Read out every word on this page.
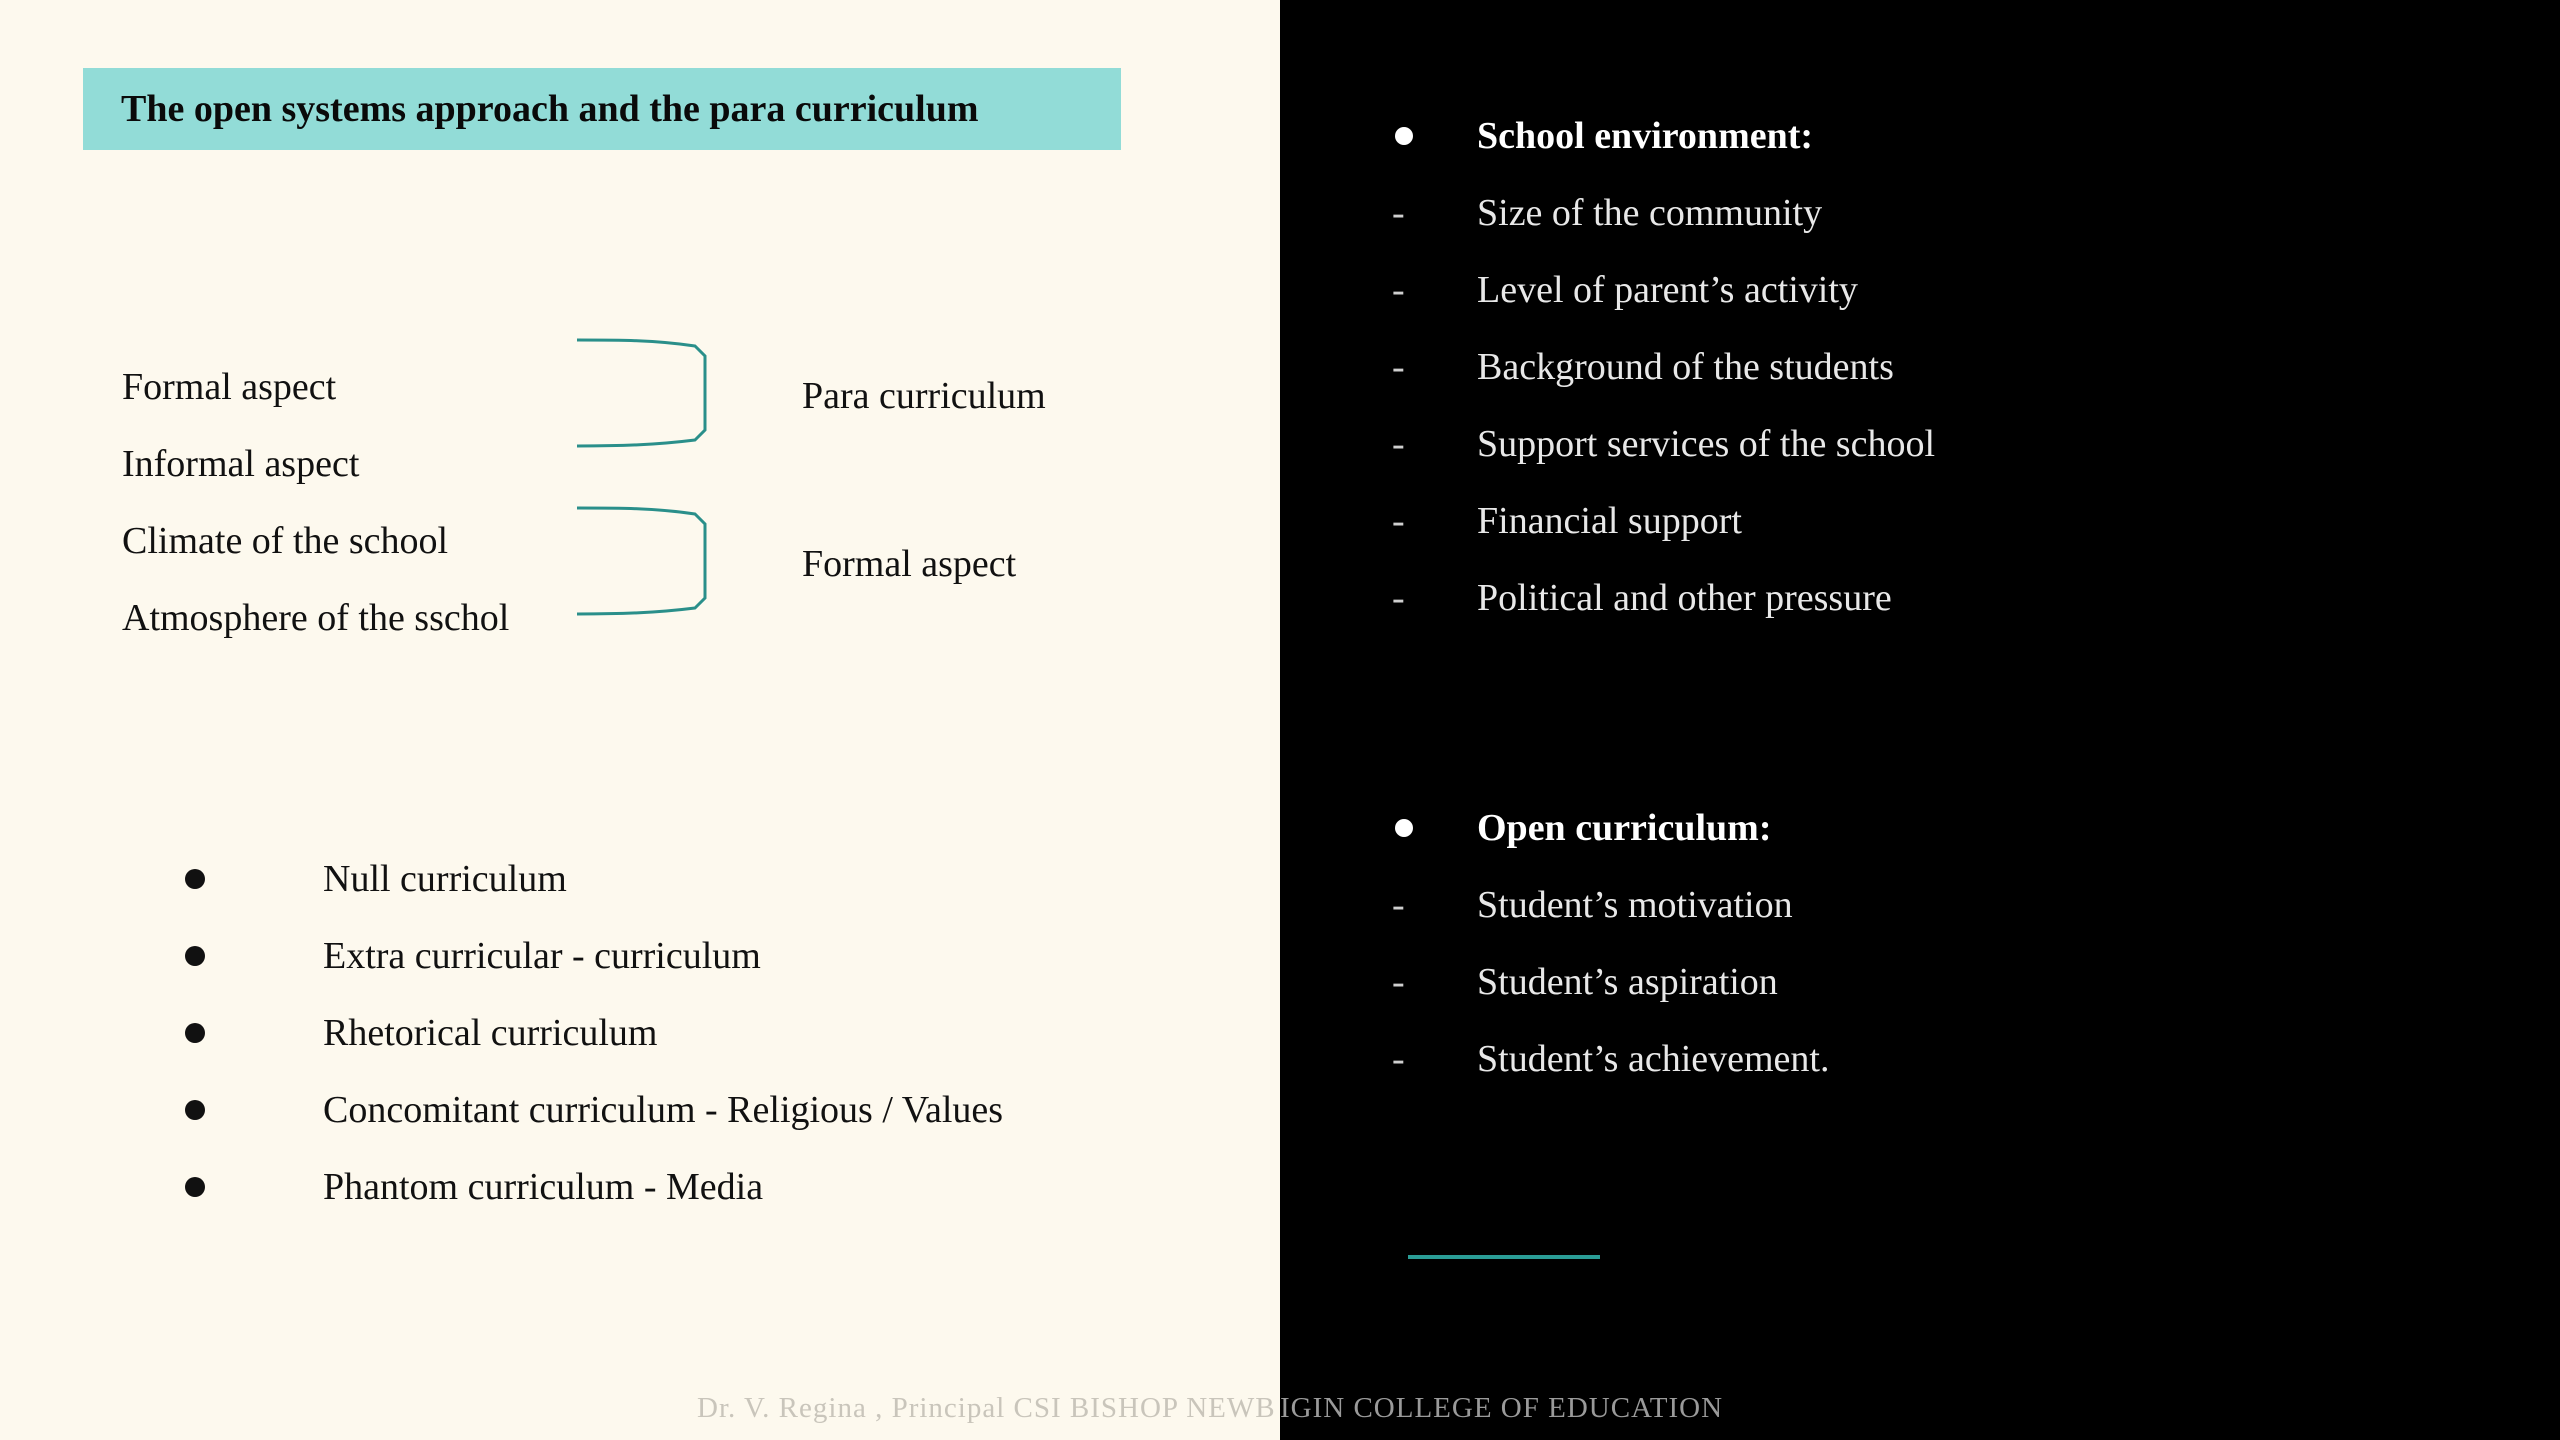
The open systems approach and the para curriculum
Formal aspect
Informal aspect
Climate of the school
Atmosphere of the sschol
Para curriculum
Formal aspect
Null curriculum
Extra curricular - curriculum
Rhetorical curriculum
Concomitant curriculum - Religious / Values
Phantom curriculum - Media
School environment:
-	Size of the community
-	Level of parent’s activity
-	Background of the students
-	Support services of the school
-	Financial support
-	Political and other pressure
Open curriculum:
-	Student’s motivation
-	Student’s aspiration
-	Student’s achievement.
Dr. V. Regina , Principal CSI BISHOP NEWB IGIN COLLEGE OF EDUCATION
